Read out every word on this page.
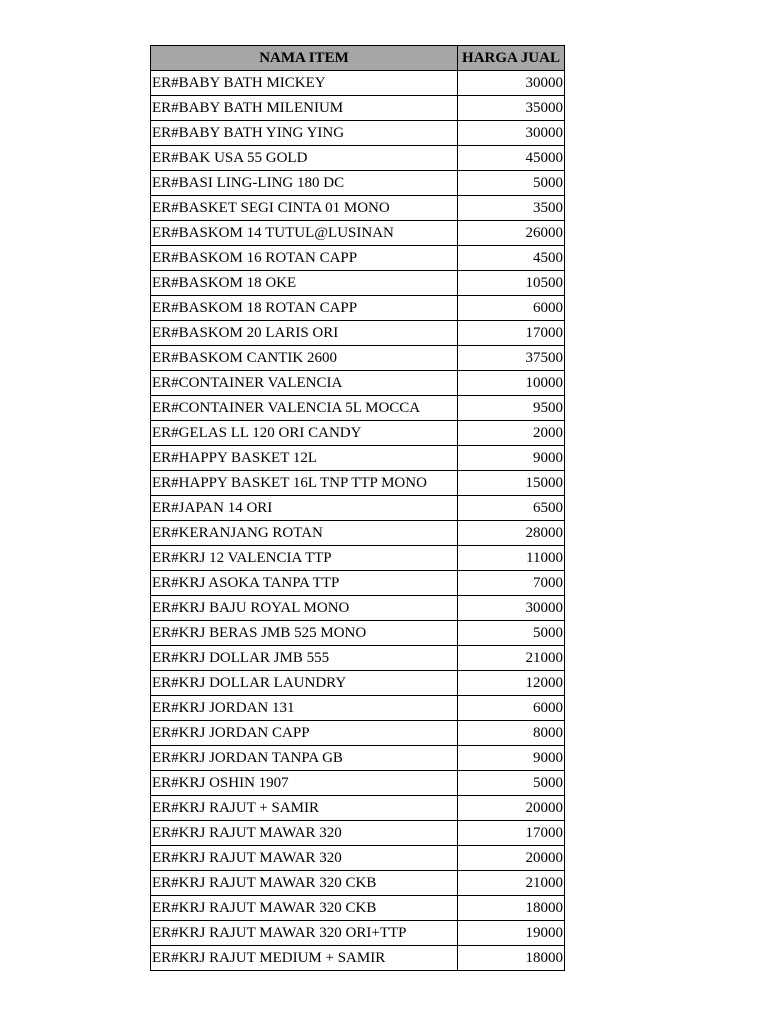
NAMA ITEM	HARGA JUAL
ER#BABY BATH MICKEY	30000
ER#BABY BATH MILENIUM	35000
ER#BABY BATH YING YING	30000
ER#BAK USA 55 GOLD	45000
ER#BASI LING-LING 180 DC	5000
ER#BASKET SEGI CINTA 01 MONO	3500
ER#BASKOM 14 TUTUL@LUSINAN	26000
ER#BASKOM 16 ROTAN CAPP	4500
ER#BASKOM 18 OKE	10500
ER#BASKOM 18 ROTAN CAPP	6000
ER#BASKOM 20 LARIS ORI	17000
ER#BASKOM CANTIK 2600	37500
ER#CONTAINER VALENCIA	10000
ER#CONTAINER VALENCIA 5L MOCCA	9500
ER#GELAS LL 120 ORI CANDY	2000
ER#HAPPY BASKET 12L	9000
ER#HAPPY BASKET 16L TNP TTP MONO	15000
ER#JAPAN 14 ORI	6500
ER#KERANJANG ROTAN	28000
ER#KRJ 12 VALENCIA TTP	11000
ER#KRJ ASOKA TANPA TTP	7000
ER#KRJ BAJU ROYAL MONO	30000
ER#KRJ BERAS JMB 525 MONO	5000
ER#KRJ DOLLAR JMB 555	21000
ER#KRJ DOLLAR LAUNDRY	12000
ER#KRJ JORDAN 131	6000
ER#KRJ JORDAN CAPP	8000
ER#KRJ JORDAN TANPA GB	9000
ER#KRJ OSHIN 1907	5000
ER#KRJ RAJUT + SAMIR	20000
ER#KRJ RAJUT MAWAR 320	17000
ER#KRJ RAJUT MAWAR 320	20000
ER#KRJ RAJUT MAWAR 320 CKB	21000
ER#KRJ RAJUT MAWAR 320 CKB	18000
ER#KRJ RAJUT MAWAR 320 ORI+TTP	19000
ER#KRJ RAJUT MEDIUM + SAMIR	18000
